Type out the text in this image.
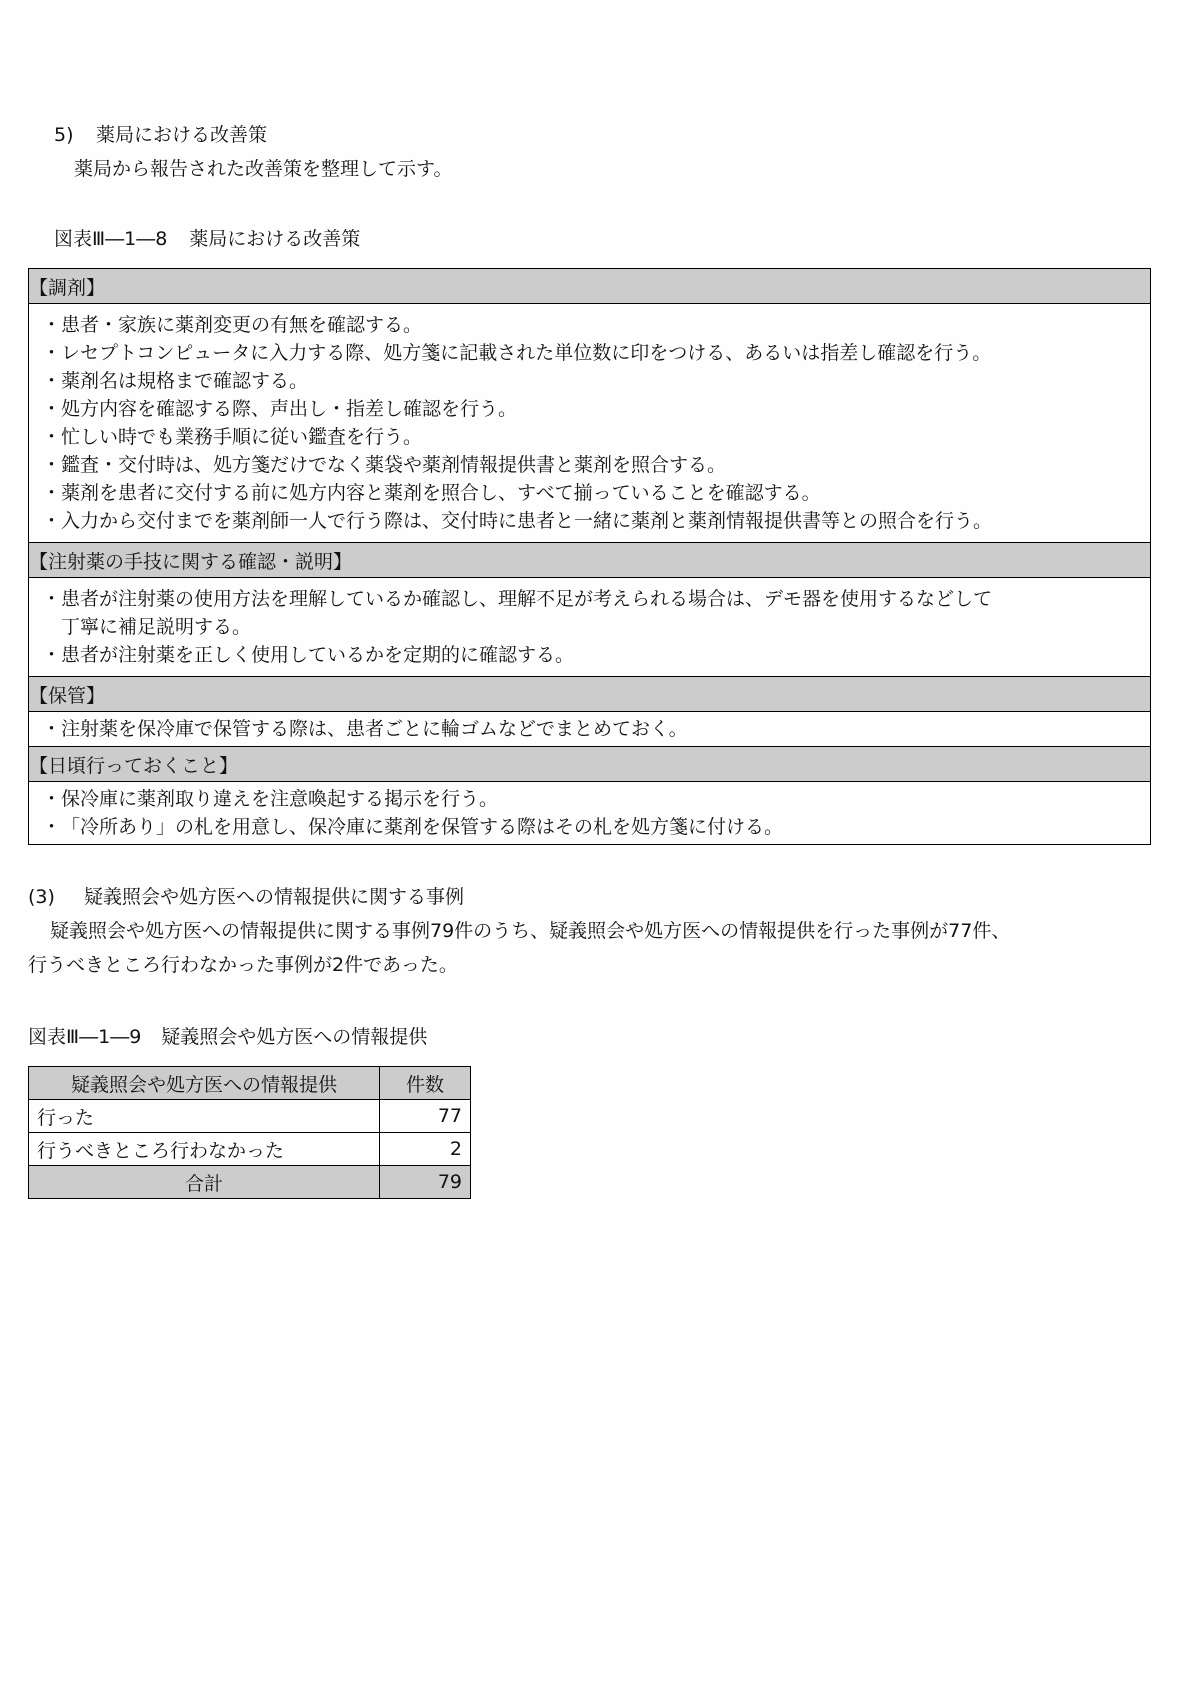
5) 薬局における改善策
薬局から報告された改善策を整理して示す。
図表Ⅲ―1―8 薬局における改善策
【調剤】

・患者・家族に薬剤変更の有無を確認する。
・レセプトコンピュータに入力する際、処方箋に記載された単位数に印をつける、あるいは指差し確認を行う。
・薬剤名は規格まで確認する。
・処方内容を確認する際、声出し・指差し確認を行う。
・忙しい時でも業務手順に従い鑑査を行う。
・鑑査・交付時は、処方箋だけでなく薬袋や薬剤情報提供書と薬剤を照合する。
・薬剤を患者に交付する前に処方内容と薬剤を照合し、すべて揃っていることを確認する。
・入力から交付までを薬剤師一人で行う際は、交付時に患者と一緒に薬剤と薬剤情報提供書等との照合を行う。

【注射薬の手技に関する確認・説明】

・患者が注射薬の使用方法を理解しているか確認し、理解不足が考えられる場合は、デモ器を使用するなどして
丁寧に補足説明する。
・患者が注射薬を正しく使用しているかを定期的に確認する。

【保管】

・注射薬を保冷庫で保管する際は、患者ごとに輪ゴムなどでまとめておく。

【日頃行っておくこと】

・保冷庫に薬剤取り違えを注意喚起する掲示を行う。
・「冷所あり」の札を用意し、保冷庫に薬剤を保管する際はその札を処方箋に付ける。
(3) 疑義照会や処方医への情報提供に関する事例
疑義照会や処方医への情報提供に関する事例79件のうち、疑義照会や処方医への情報提供を行った事例が77件、
行うべきところ行わなかった事例が2件であった。
図表Ⅲ―1―9 疑義照会や処方医への情報提供
疑義照会や処方医への情報提供	件数
行った	77
行うべきところ行わなかった	2
合計	79
